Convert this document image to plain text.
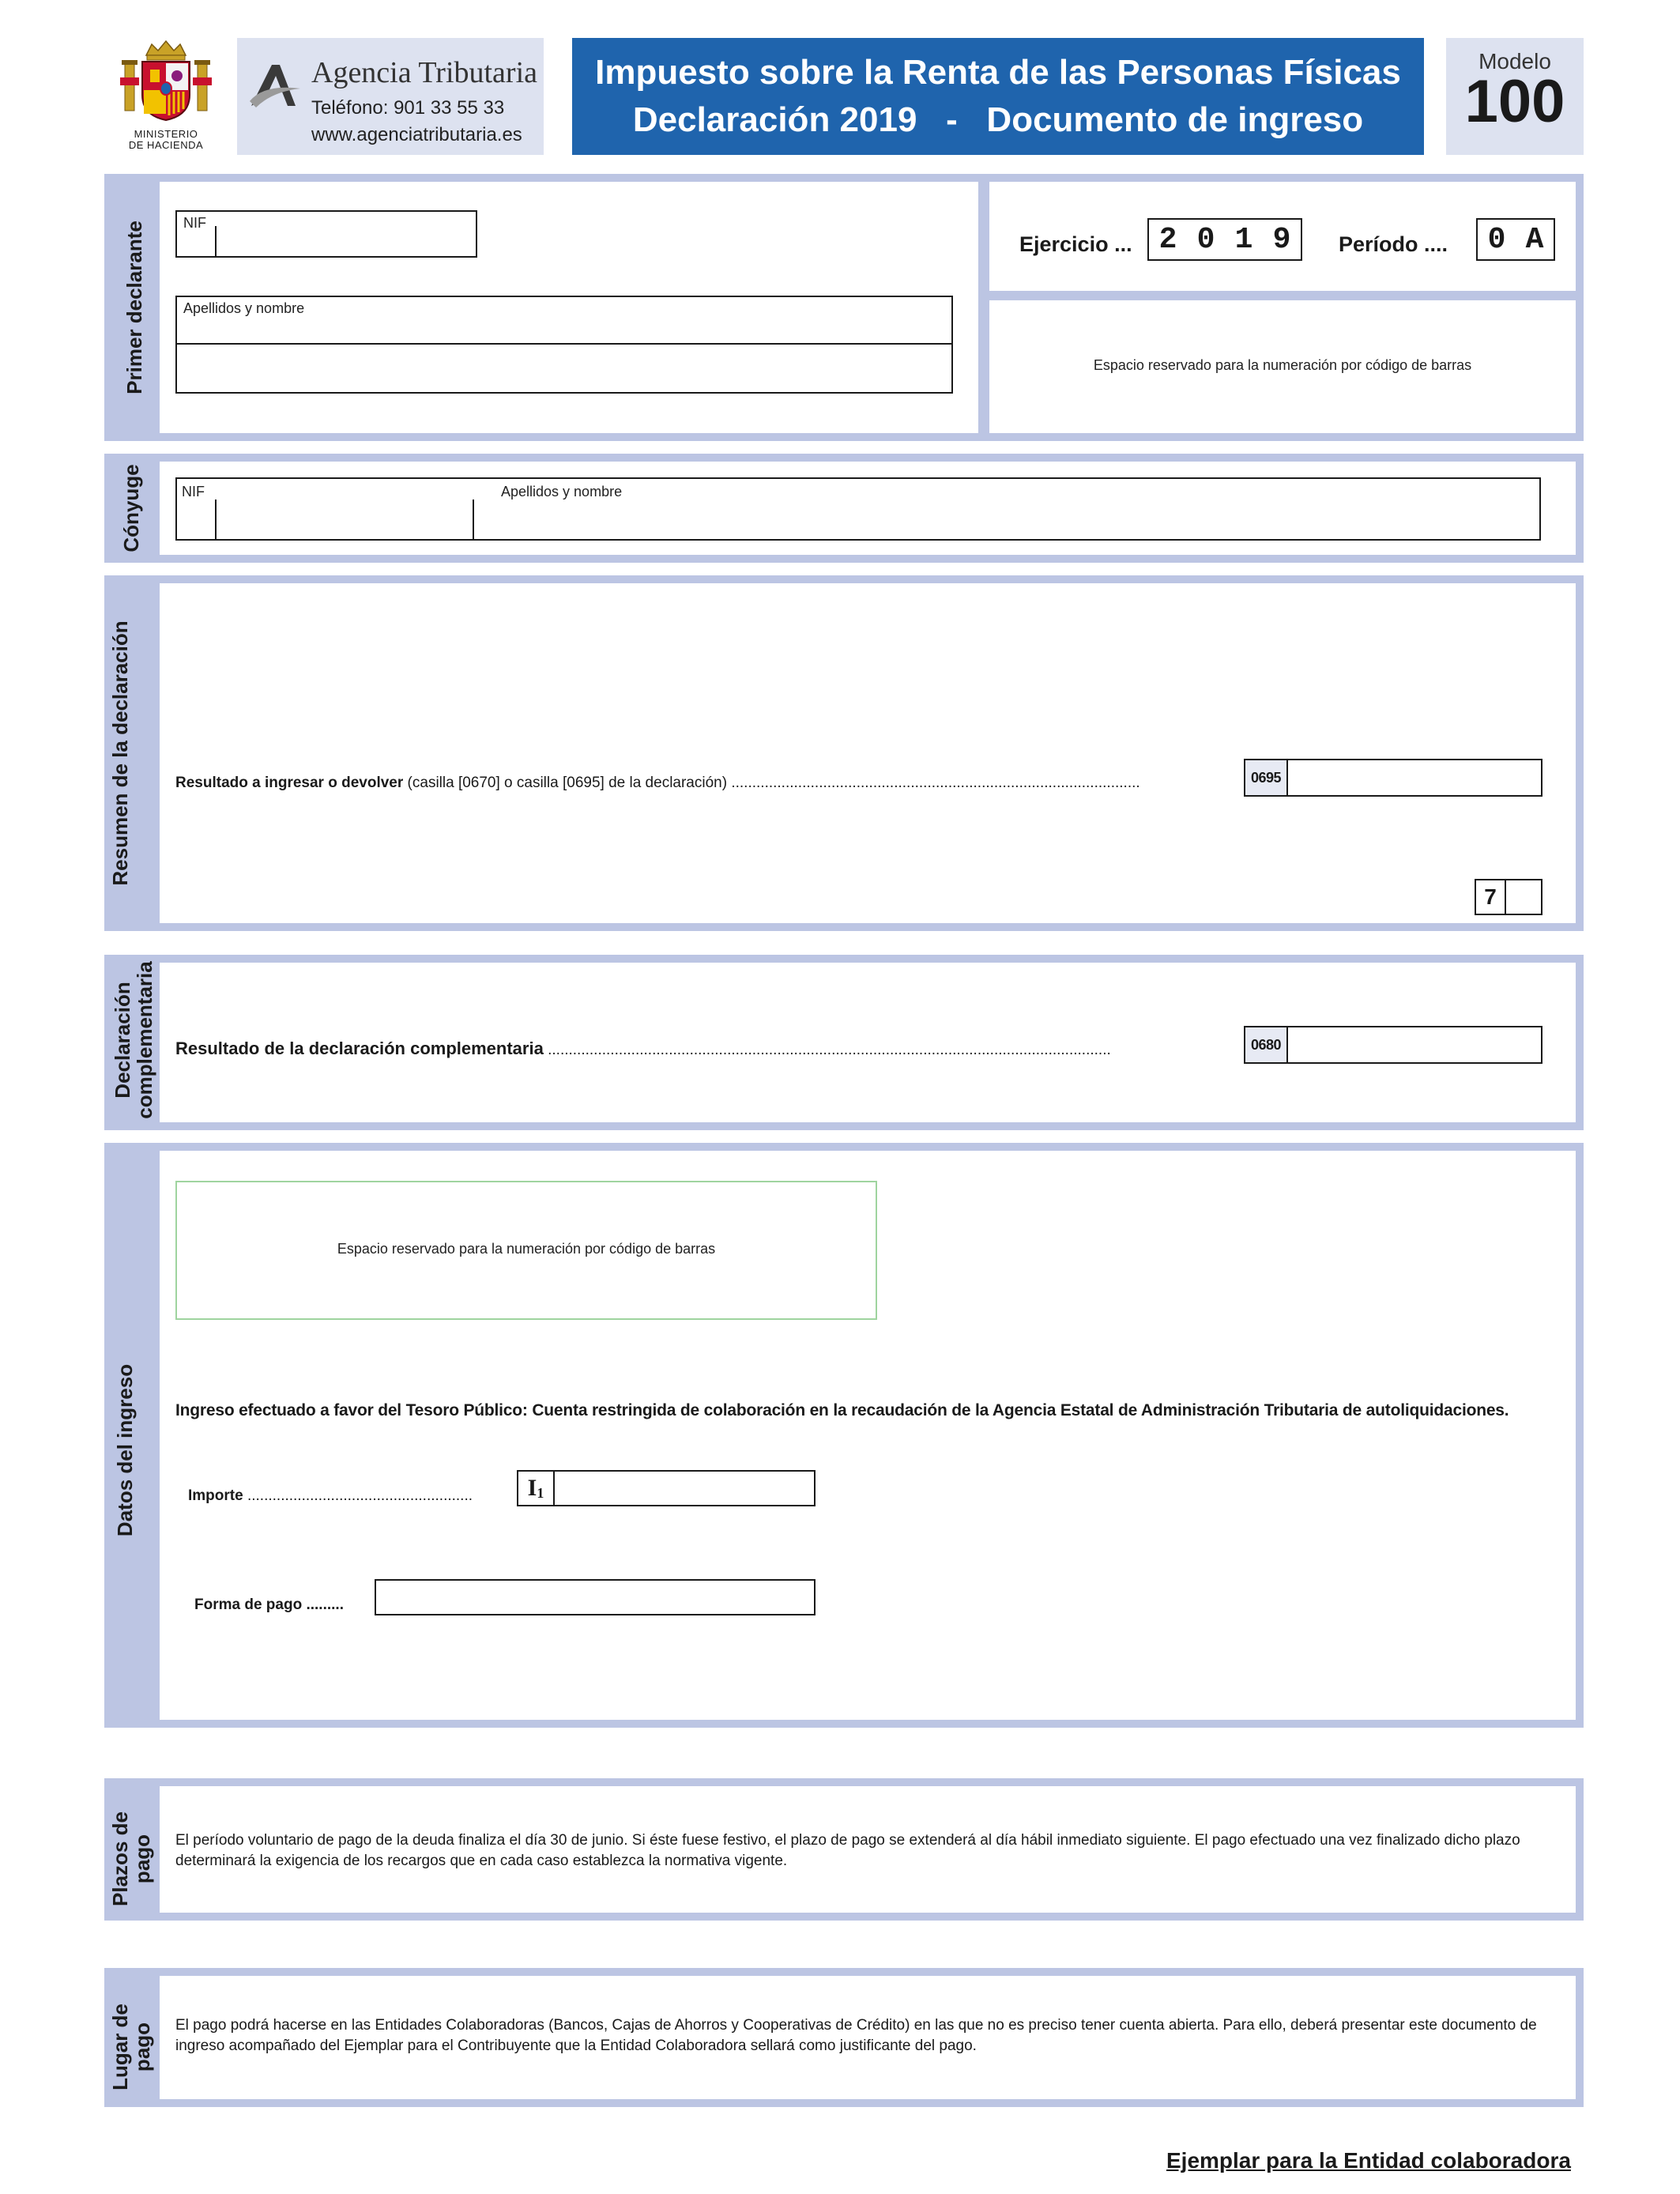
MINISTERIO
DE HACIENDA
Agencia Tributaria
Teléfono: 901 33 55 33
www.agenciatributaria.es
Impuesto sobre la Renta de las Personas Físicas
Declaración 2019   -   Documento de ingreso
Modelo
100
Primer declarante	NIF
Apellidos y nombre
Ejercicio ... 2 0 1 9 Período .... 0 A
Espacio reservado para la numeración por código de barras
Cónyuge	NIF	Apellidos y nombre
Resumen de la declaración	Resultado a ingresar o devolver (casilla [0670] o casilla [0695] de la declaración) ..................................................................................................	0695
7
Declaración
complementaria Resultado de la declaración complementaria .......................................................................................................................................	0680
Datos del ingreso
Espacio reservado para la numeración por código de barras
Ingreso efectuado a favor del Tesoro Público: Cuenta restringida de colaboración en la recaudación de la Agencia Estatal de Administración Tributaria de autoliquidaciones.
Importe ...................................................... I 1
Forma de pago .........
Plazos de
pago El período voluntario de pago de la deuda finaliza el día 30 de junio. Si éste fuese festivo, el plazo de pago se extenderá al día hábil inmediato siguiente. El pago efectuado una vez finalizado dicho plazo determinará la exigencia de los recargos que en cada caso establezca la normativa vigente.
Lugar de
pago El pago podrá hacerse en las Entidades Colaboradoras (Bancos, Cajas de Ahorros y Cooperativas de Crédito) en las que no es preciso tener cuenta abierta. Para ello, deberá presentar este documento de ingreso acompañado del Ejemplar para el Contribuyente que la Entidad Colaboradora sellará como justificante del pago.
Ejemplar para la Entidad colaboradora
